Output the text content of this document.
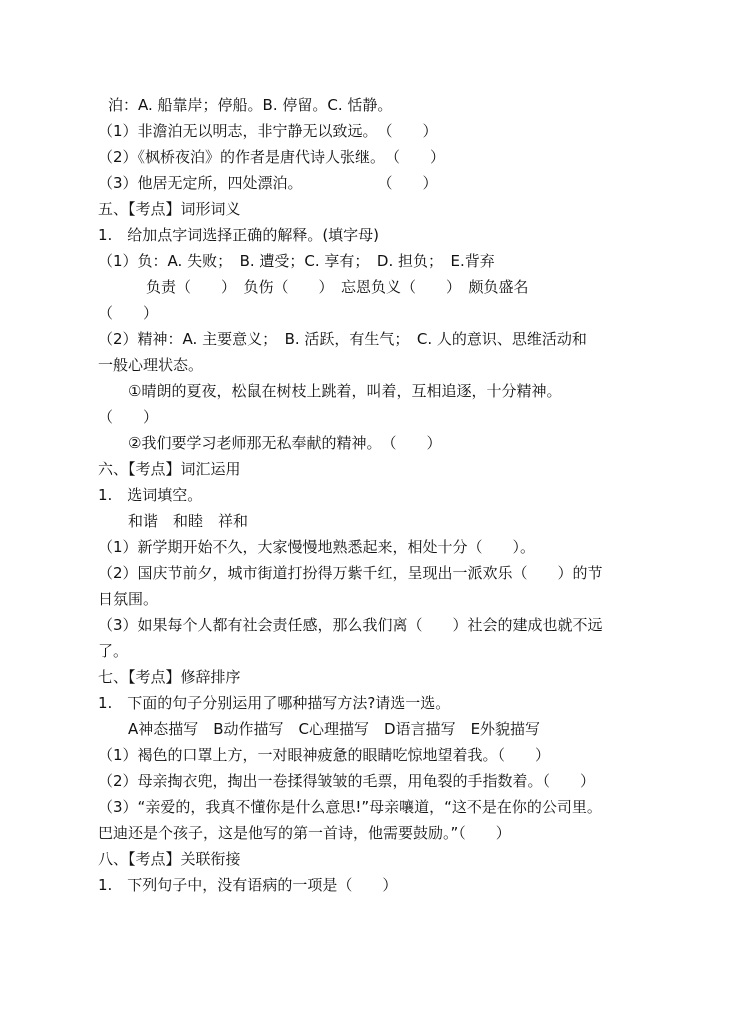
泊：A. 船靠岸；停船。B. 停留。C. 恬静。
（1）非澹泊无以明志，非宁静无以致远。　（　　）
（2）《枫桥夜泊》的作者是唐代诗人张继。　（　　）
（3）他居无定所，四处漂泊。　　　　　　（　　）
五、【考点】词形词义
1.　给加点字词选择正确的解释。(填字母)
（1）负：A. 失败；　B. 遭受；C. 享有；　D. 担负；　E.背弃
负责（　　）　负伤（　　）　忘恩负义（　　）　颇负盛名
（　　）
（2）精神：A. 主要意义；　B. 活跃，有生气；　C. 人的意识、思维活动和
一般心理状态。
①晴朗的夏夜，松鼠在树枝上跳着，叫着，互相追逐，十分精神。
（　　）
②我们要学习老师那无私奉献的精神。　（　　）
六、【考点】词汇运用
1.　选词填空。
和谐　和睦　祥和
（1）新学期开始不久，大家慢慢地熟悉起来，相处十分（　　）。
（2）国庆节前夕，城市街道打扮得万紫千红，呈现出一派欢乐（　　）的节
日氛围。
（3）如果每个人都有社会责任感，那么我们离（　　）社会的建成也就不远
了。
七、【考点】修辞排序
1.　下面的句子分别运用了哪种描写方法?请选一选。
A神态描写　B动作描写　C心理描写　D语言描写　E外貌描写
（1）褐色的口罩上方，一对眼神疲惫的眼睛吃惊地望着我。（　　）
（2）母亲掏衣兜，掏出一卷揉得皱皱的毛票，用龟裂的手指数着。（　　）
（3）“亲爱的，我真不懂你是什么意思!”母亲嚷道，“这不是在你的公司里。
巴迪还是个孩子，这是他写的第一首诗，他需要鼓励。”（　　）
八、【考点】关联衔接
1.　下列句子中，没有语病的一项是（　　）
